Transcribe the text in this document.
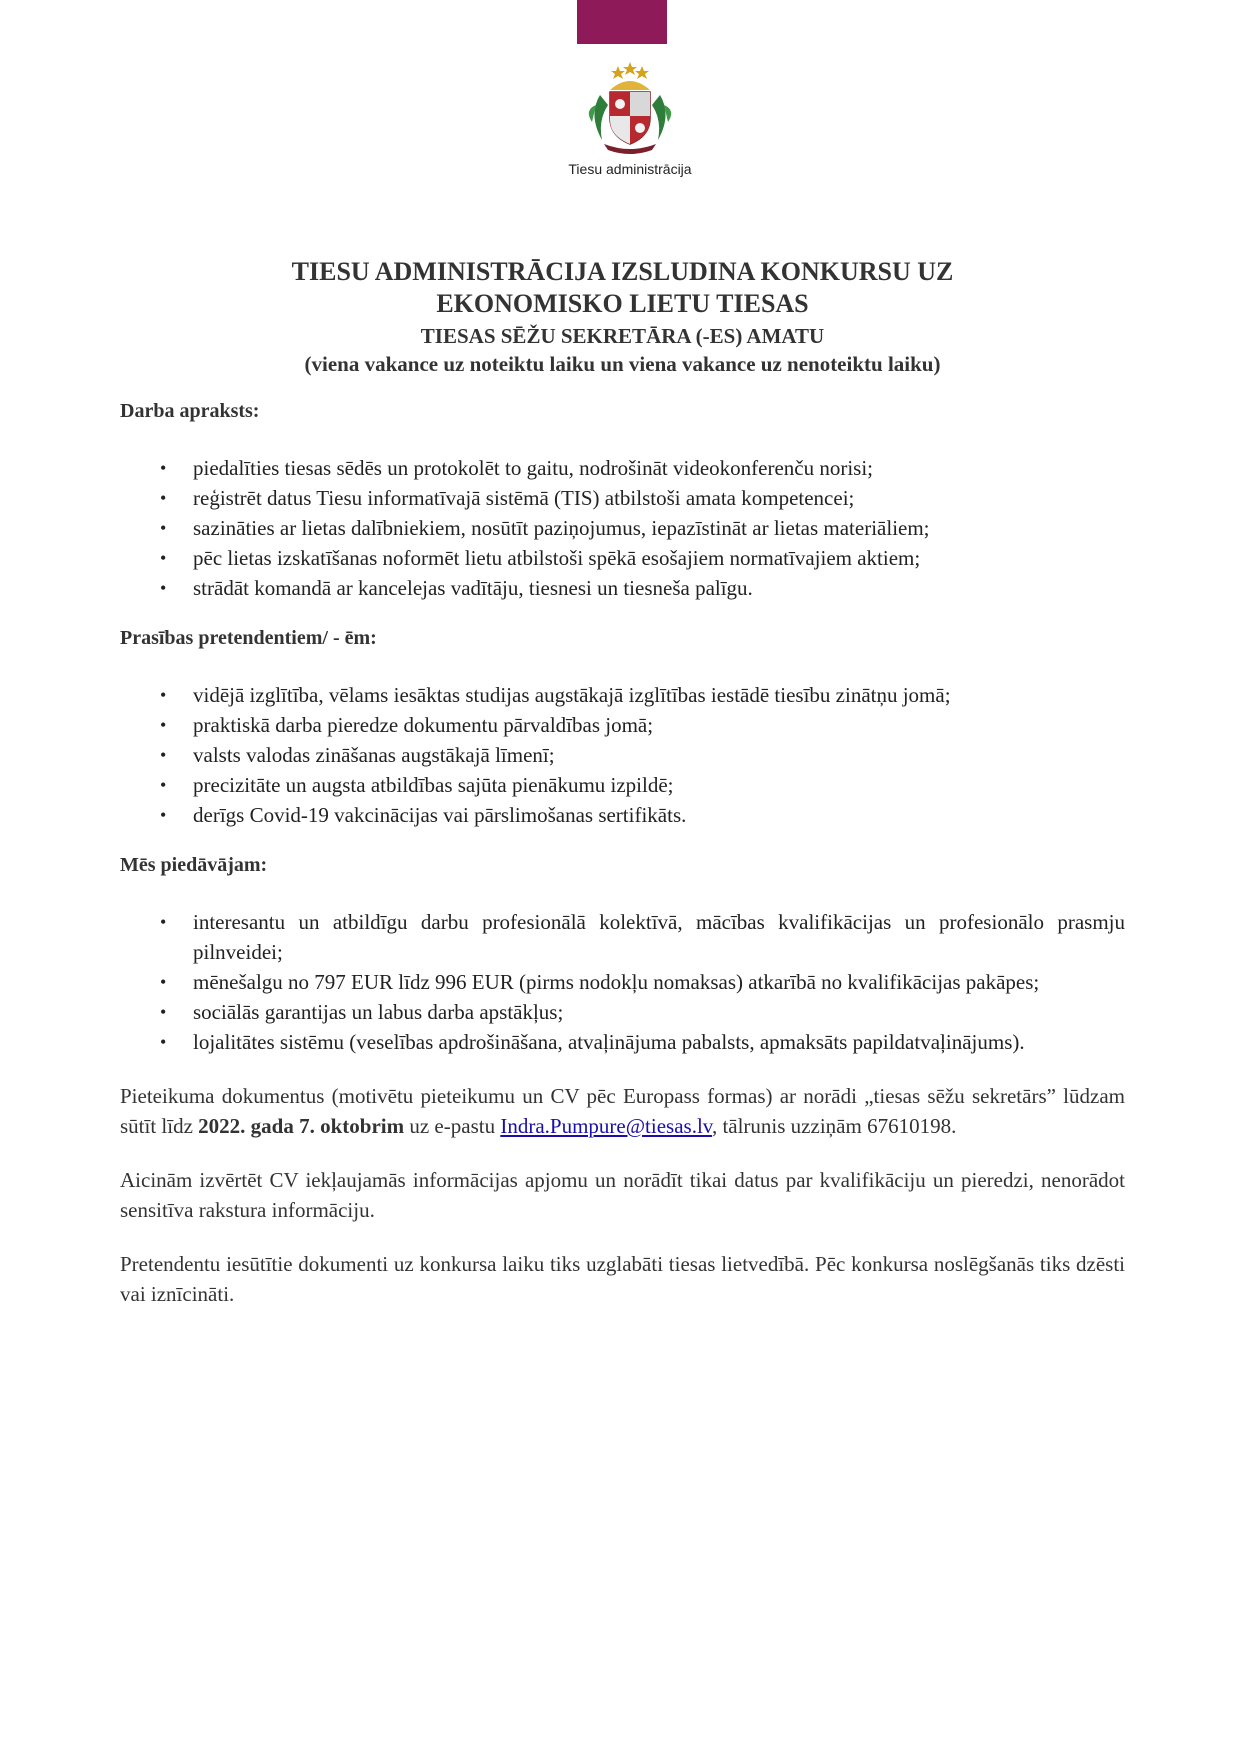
Tiesu administrācija
TIESU ADMINISTRĀCIJA IZSLUDINA KONKURSU UZ
EKONOMISKO LIETU TIESAS
TIESAS SĒŽU SEKRETĀRA (-ES) AMATU
(viena vakance uz noteiktu laiku un viena vakance uz nenoteiktu laiku)
Darba apraksts:
• piedalīties tiesas sēdēs un protokolēt to gaitu, nodrošināt videokonferenču norisi;
• reģistrēt datus Tiesu informatīvajā sistēmā (TIS) atbilstoši amata kompetencei;
• sazināties ar lietas dalībniekiem, nosūtīt paziņojumus, iepazīstināt ar lietas materiāliem;
• pēc lietas izskatīšanas noformēt lietu atbilstoši spēkā esošajiem normatīvajiem aktiem;
• strādāt komandā ar kancelejas vadītāju, tiesnesi un tiesneša palīgu.
Prasības pretendentiem/ - ēm:
• vidējā izglītība, vēlams iesāktas studijas augstākajā izglītības iestādē tiesību zinātņu jomā;
• praktiskā darba pieredze dokumentu pārvaldības jomā;
• valsts valodas zināšanas augstākajā līmenī;
• precizitāte un augsta atbildības sajūta pienākumu izpildē;
• derīgs Covid-19 vakcinācijas vai pārslimošanas sertifikāts.
Mēs piedāvājam:
• interesantu un atbildīgu darbu profesionālā kolektīvā, mācības kvalifikācijas un profesionālo prasmju pilnveidei;
• mēnešalgu no 797 EUR līdz 996 EUR (pirms nodokļu nomaksas) atkarībā no kvalifikācijas pakāpes;
• sociālās garantijas un labus darba apstākļus;
• lojalitātes sistēmu (veselības apdrošināšana, atvaļinājuma pabalsts, apmaksāts papildatvaļinājums).

Pieteikuma dokumentus (motivētu pieteikumu un CV pēc Europass formas) ar norādi „tiesas sēžu sekretārs” lūdzam sūtīt līdz 2022. gada 7. oktobrim uz e-pastu Indra.Pumpure@tiesas.lv, tālrunis uzziņām 67610198.

Aicinām izvērtēt CV iekļaujamās informācijas apjomu un norādīt tikai datus par kvalifikāciju un pieredzi, nenorādot sensitīva rakstura informāciju.

Pretendentu iesūtītie dokumenti uz konkursa laiku tiks uzglabāti tiesas lietvedībā. Pēc konkursa noslēgšanās tiks dzēsti vai iznīcināti.
